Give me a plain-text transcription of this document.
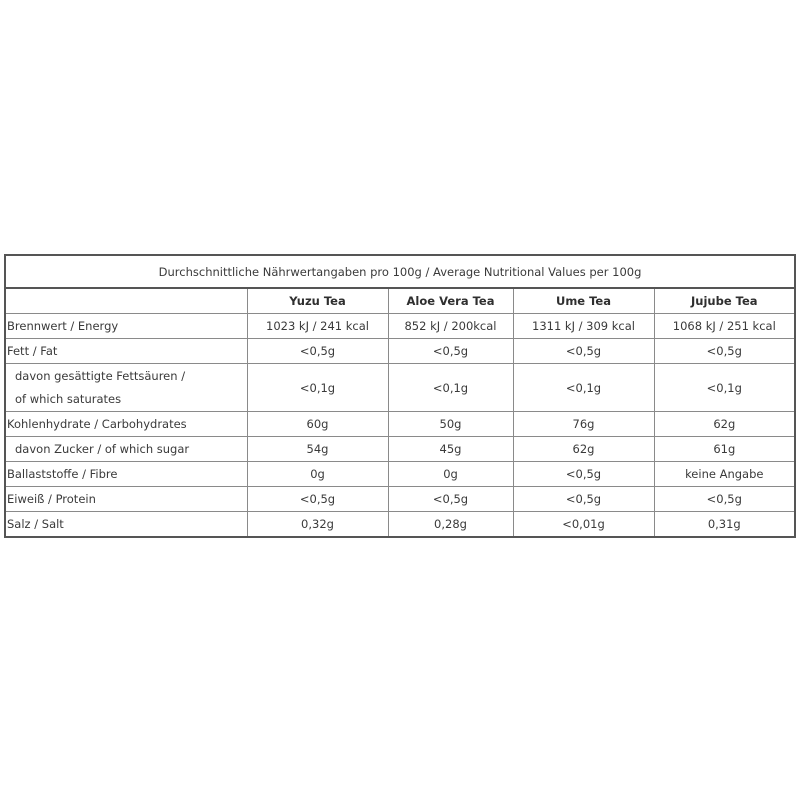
Durchschnittliche Nährwertangaben pro 100g / Average Nutritional Values per 100g				
	Yuzu Tea	Aloe Vera Tea	Ume Tea	Jujube Tea
Brennwert / Energy	1023 kJ / 241 kcal	852 kJ / 200kcal	1311 kJ / 309 kcal	1068 kJ / 251 kcal
Fett / Fat	<0,5g	<0,5g	<0,5g	<0,5g

davon gesättigte Fettsäuren /
of which saturates	<0,1g	<0,1g	<0,1g	<0,1g
Kohlenhydrate / Carbohydrates	60g	50g	76g	62g
davon Zucker / of which sugar	54g	45g	62g	61g
Ballaststoffe / Fibre	0g	0g	<0,5g	keine Angabe
Eiweiß / Protein	<0,5g	<0,5g	<0,5g	<0,5g
Salz / Salt	0,32g	0,28g	<0,01g	0,31g
